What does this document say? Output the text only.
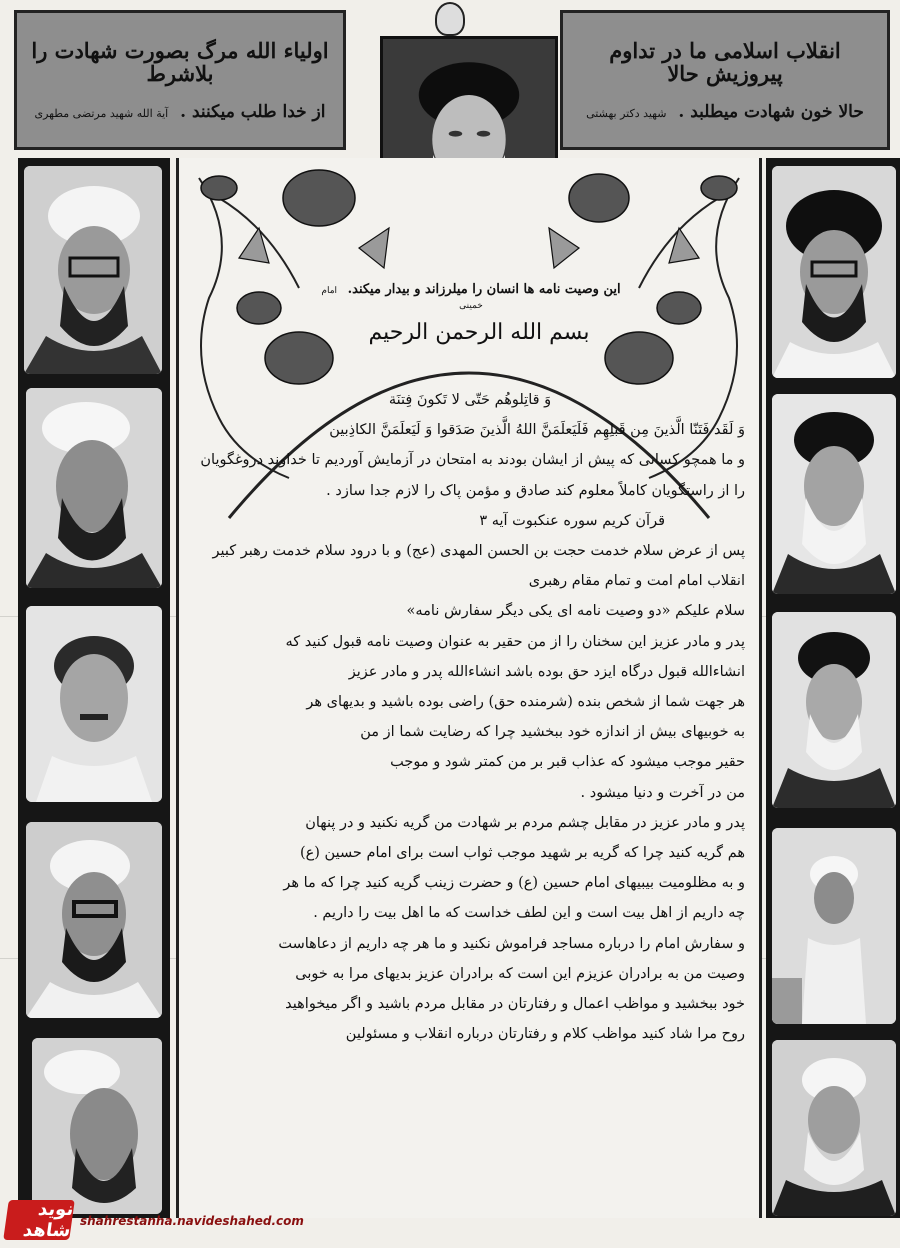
اولیاء الله مرگ بصورت شهادت را بلاشرط
از خدا طلب میکنند . آیة الله شهید مرتضی مطهری
انقلاب اسلامی ما در تداوم پیروزیش حالا
حالا خون شهادت میطلبد . شهید دکتر بهشتی
این وصیت نامه ها انسان را میلرزاند و بیدار میکند. امام خمینی
بسم الله الرحمن الرحیم

وَ قاتِلوهُم حَتّی لا تَکونَ فِتنَة

وَ لَقَد فَتَنّا الَّذینَ مِن قَبلِهِم فَلَیَعلَمَنَّ اللهُ الَّذینَ صَدَقوا وَ لَیَعلَمَنَّ الکاذِبین

و ما همچو کسانی که پیش از ایشان بودند به امتحان در آزمایش آوردیم تا خداوند دروغگویان

را از راستگویان کاملاً معلوم کند صادق و مؤمن پاک را لازم جدا سازد .

قرآن کریم سوره عنکبوت آیه ۳

پس از عرض سلام خدمت حجت بن الحسن المهدی (عج) و با درود سلام خدمت رهبر کبیر

انقلاب امام امت و تمام مقام رهبری

سلام علیکم «دو وصیت نامه ای یکی دیگر سفارش نامه»

پدر و مادر عزیز این سخنان را از من حقیر به عنوان وصیت نامه قبول کنید که

انشاءالله قبول درگاه ایزد حق بوده باشد انشاءالله پدر و مادر عزیز

هر جهت شما از شخص بنده (شرمنده حق) راضی بوده باشید و بدیهای هر

به خوبیهای بیش از اندازه خود ببخشید چرا که رضایت شما از من

حقیر موجب میشود که عذاب قبر بر من کمتر شود و موجب

من در آخرت و دنیا میشود .

پدر و مادر عزیز در مقابل چشم مردم بر شهادت من گریه نکنید و در پنهان

هم گریه کنید چرا که گریه بر شهید موجب ثواب است برای امام حسین (ع)

و به مظلومیت بیبیهای امام حسین (ع) و حضرت زینب گریه کنید چرا که ما هر

چه داریم از اهل بیت است و این لطف خداست که ما اهل بیت را داریم .

و سفارش امام را درباره مساجد فراموش نکنید و ما هر چه داریم از دعاهاست

وصیت من به برادران عزیزم این است که برادران عزیز بدیهای مرا به خوبی

خود ببخشید و مواظب اعمال و رفتارتان در مقابل مردم باشید و اگر میخواهید

روح مرا شاد کنید مواظب کلام و رفتارتان درباره انقلاب و مسئولین

نوید شاهد shahrestanha.navideshahed.com
